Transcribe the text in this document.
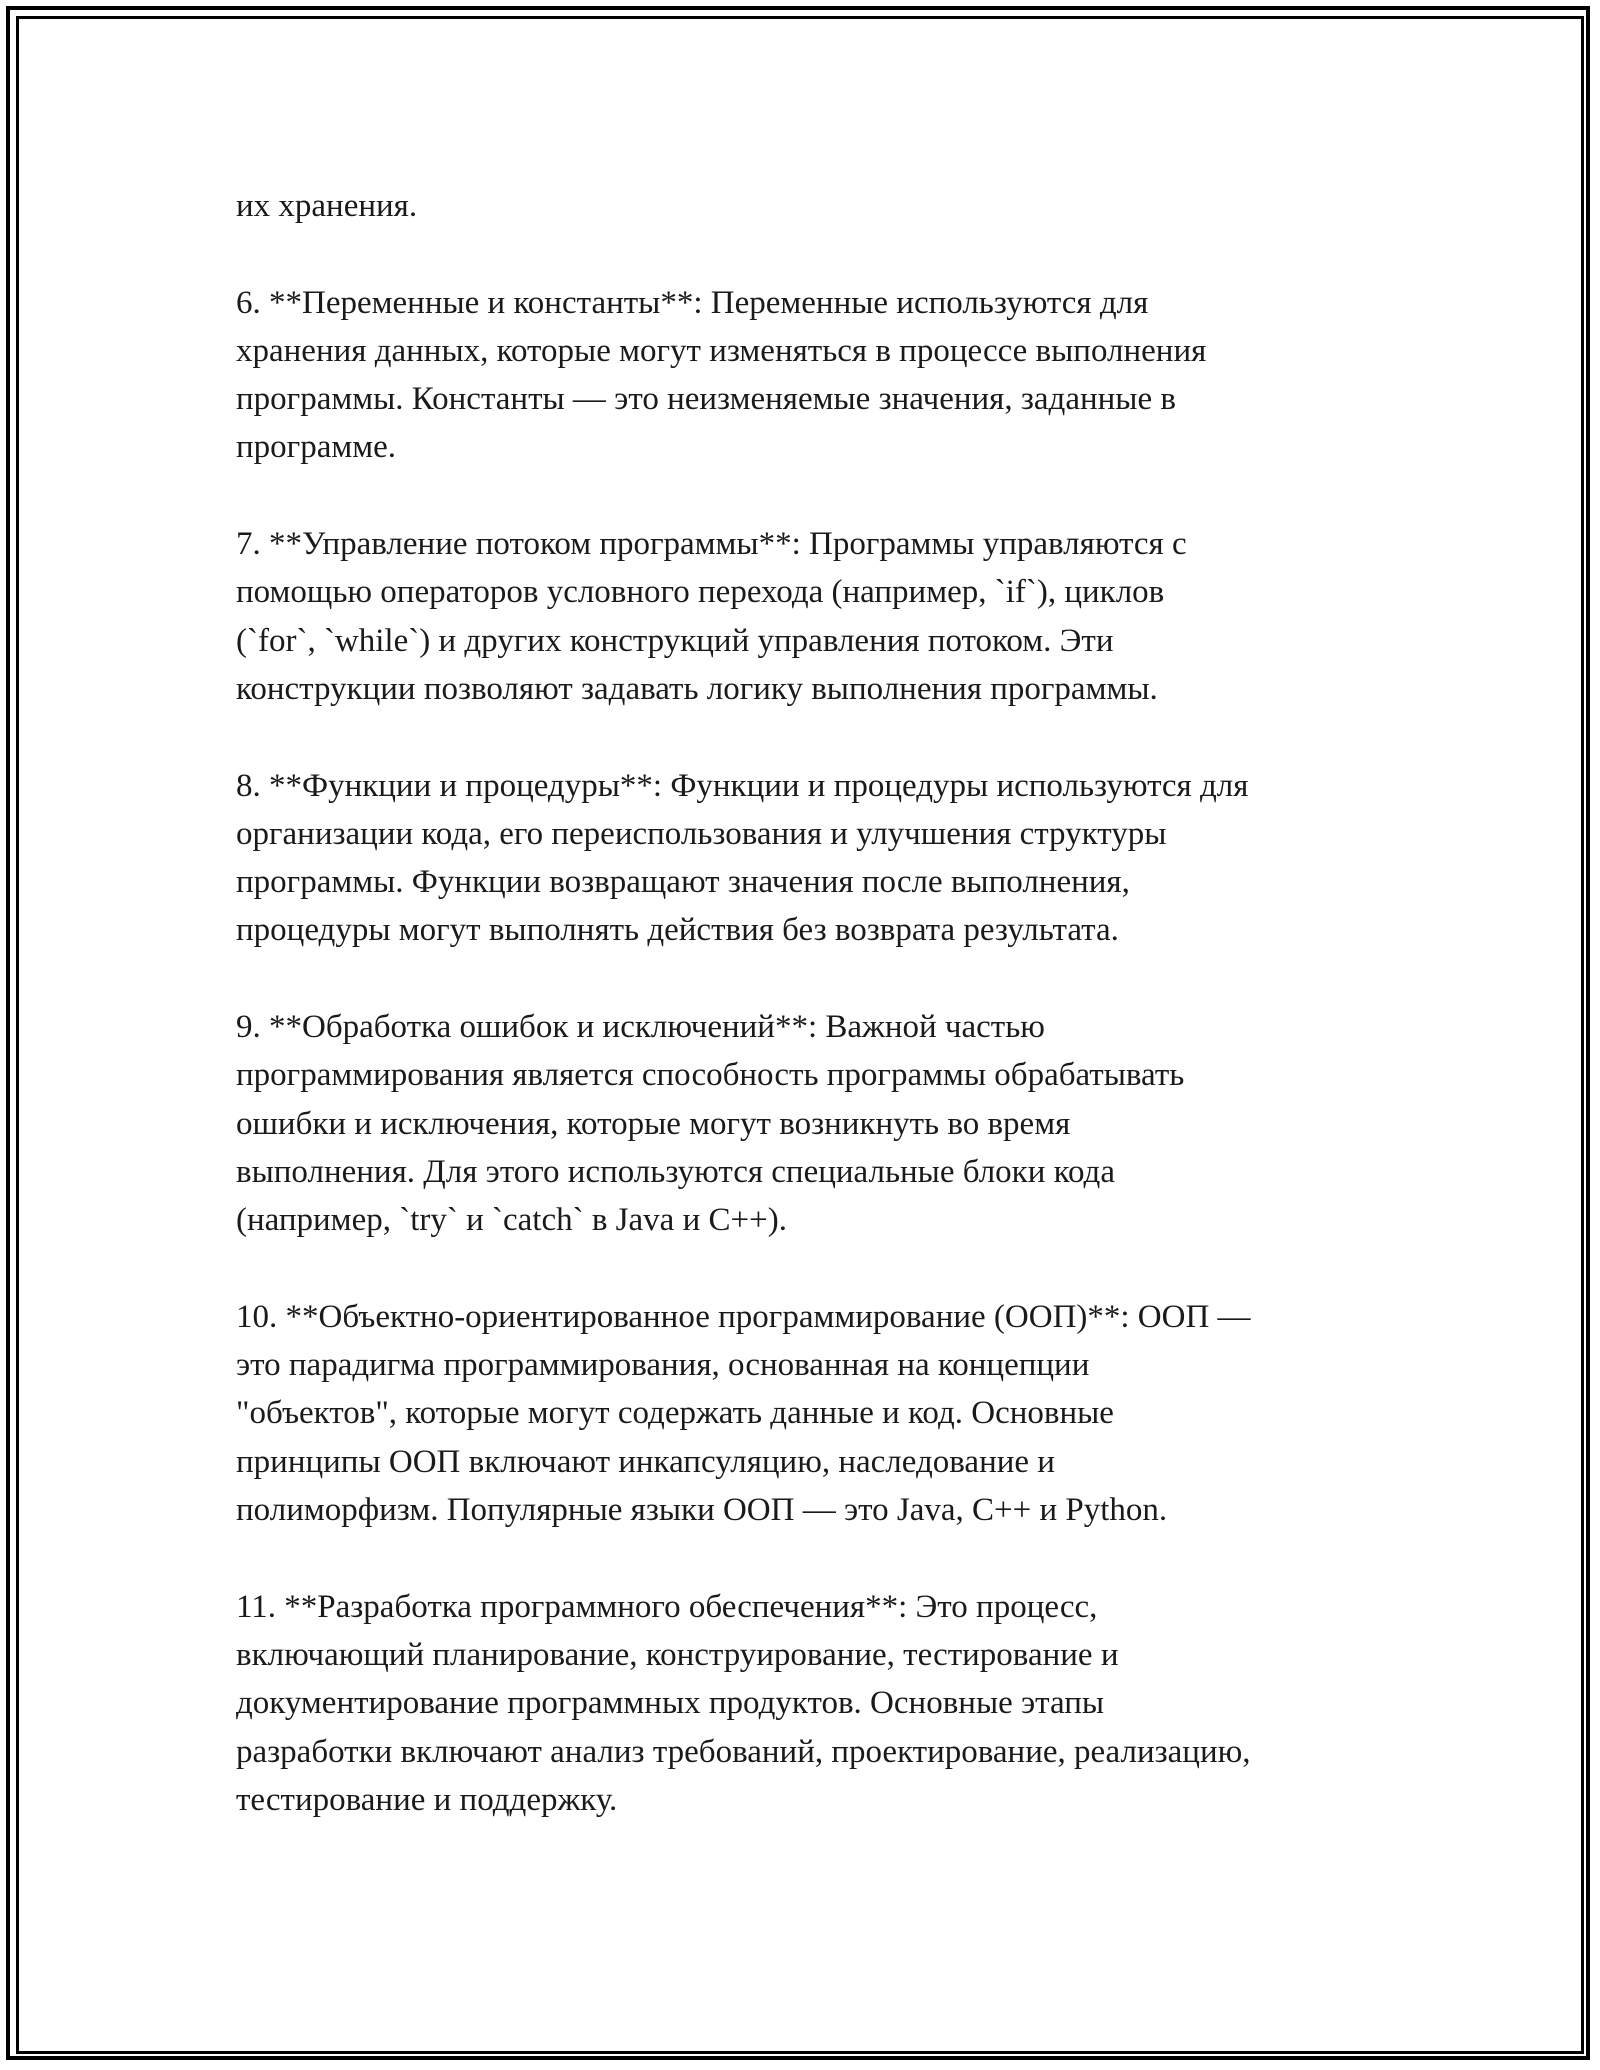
их хранения.

6. **Переменные и константы**: Переменные используются для
хранения данных, которые могут изменяться в процессе выполнения
программы. Константы — это неизменяемые значения, заданные в
программе.

7. **Управление потоком программы**: Программы управляются с
помощью операторов условного перехода (например, `if`), циклов
(`for`, `while`) и других конструкций управления потоком. Эти
конструкции позволяют задавать логику выполнения программы.

8. **Функции и процедуры**: Функции и процедуры используются для
организации кода, его переиспользования и улучшения структуры
программы. Функции возвращают значения после выполнения,
процедуры могут выполнять действия без возврата результата.

9. **Обработка ошибок и исключений**: Важной частью
программирования является способность программы обрабатывать
ошибки и исключения, которые могут возникнуть во время
выполнения. Для этого используются специальные блоки кода
(например, `try` и `catch` в Java и C++).

10. **Объектно-ориентированное программирование (ООП)**: ООП —
это парадигма программирования, основанная на концепции
"объектов", которые могут содержать данные и код. Основные
принципы ООП включают инкапсуляцию, наследование и
полиморфизм. Популярные языки ООП — это Java, C++ и Python.

11. **Разработка программного обеспечения**: Это процесс,
включающий планирование, конструирование, тестирование и
документирование программных продуктов. Основные этапы
разработки включают анализ требований, проектирование, реализацию,
тестирование и поддержку.
